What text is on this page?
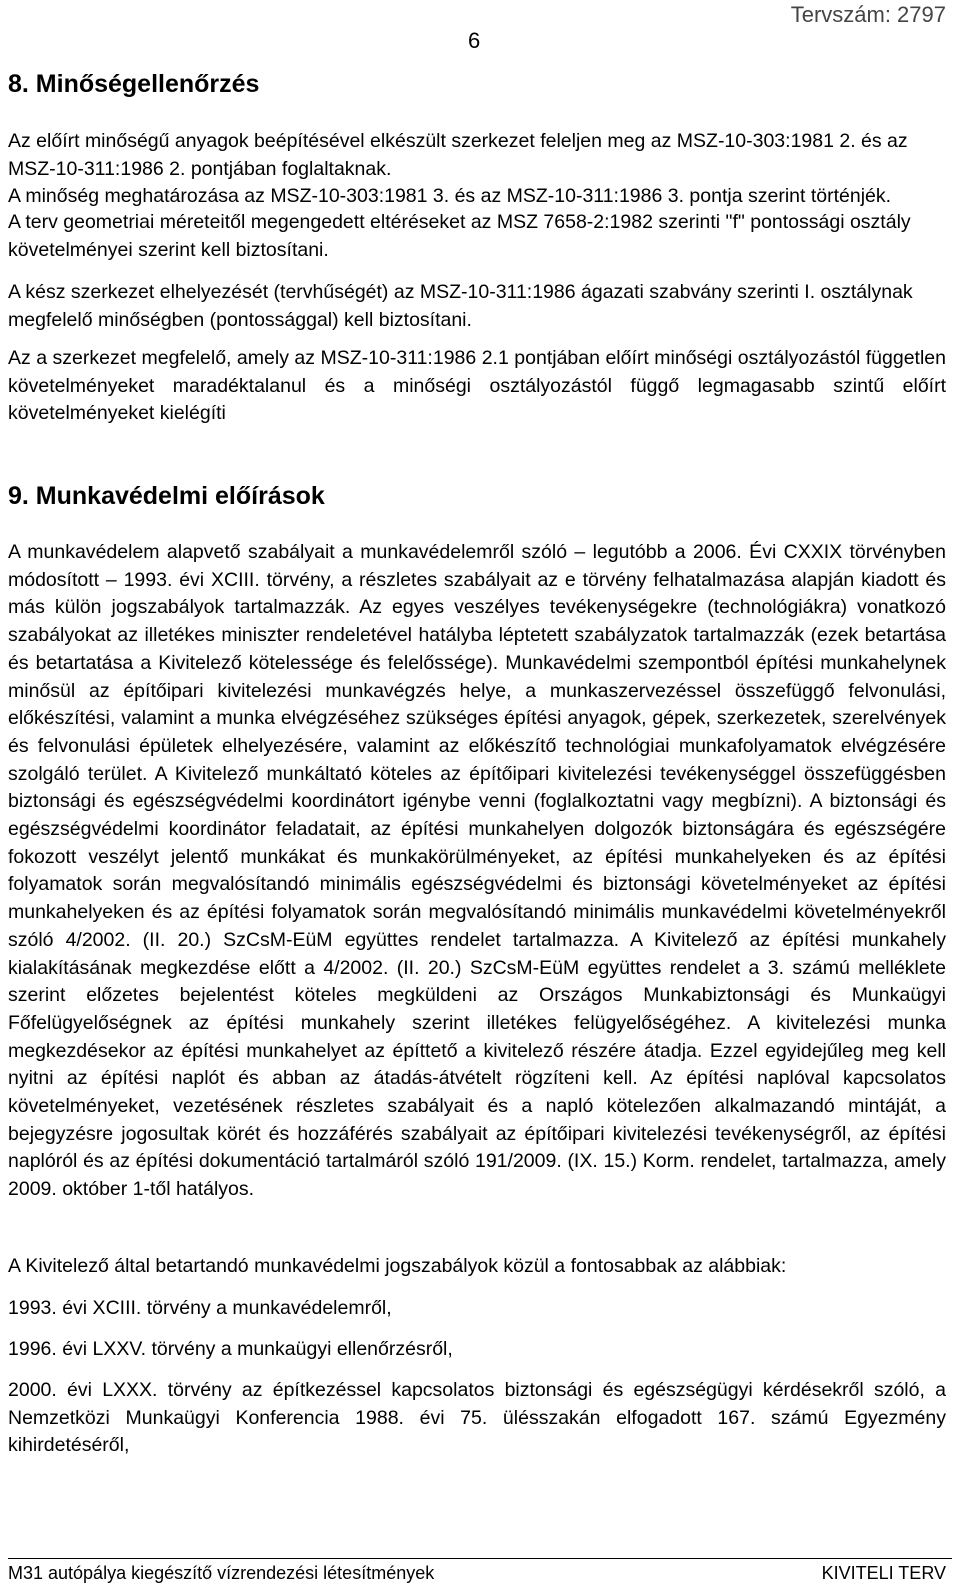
Tervszám: 2797
6
8. Minőségellenőrzés

Az előírt minőségű anyagok beépítésével elkészült szerkezet feleljen meg az MSZ-10-303:1981 2. és az MSZ-10-311:1986 2. pontjában foglaltaknak.

A minőség meghatározása az MSZ-10-303:1981 3. és az MSZ-10-311:1986 3. pontja szerint történjék.

A terv geometriai méreteitől megengedett eltéréseket az MSZ 7658-2:1982 szerinti "f" pontossági osztály követelményei szerint kell biztosítani.

A kész szerkezet elhelyezését (tervhűségét) az MSZ-10-311:1986 ágazati szabvány szerinti I. osztálynak megfelelő minőségben (pontossággal) kell biztosítani.

Az a szerkezet megfelelő, amely az MSZ-10-311:1986 2.1 pontjában előírt minőségi osztályozástól független követelményeket maradéktalanul és a minőségi osztályozástól függő legmagasabb szintű előírt követelményeket kielégíti

9. Munkavédelmi előírások

A munkavédelem alapvető szabályait a munkavédelemről szóló – legutóbb a 2006. Évi CXXIX törvényben módosított – 1993. évi XCIII. törvény, a részletes szabályait az e törvény felhatalmazása alapján kiadott és más külön jogszabályok tartalmazzák. Az egyes veszélyes tevékenységekre (technológiákra) vonatkozó szabályokat az illetékes miniszter rendeletével hatályba léptetett szabályzatok tartalmazzák (ezek betartása és betartatása a Kivitelező kötelessége és felelőssége). Munkavédelmi szempontból építési munkahelynek minősül az építőipari kivitelezési munkavégzés helye, a munkaszervezéssel összefüggő felvonulási, előkészítési, valamint a munka elvégzéséhez szükséges építési anyagok, gépek, szerkezetek, szerelvények és felvonulási épületek elhelyezésére, valamint az előkészítő technológiai munkafolyamatok elvégzésére szolgáló terület. A Kivitelező munkáltató köteles az építőipari kivitelezési tevékenységgel összefüggésben biztonsági és egészségvédelmi koordinátort igénybe venni (foglalkoztatni vagy megbízni). A biztonsági és egészségvédelmi koordinátor feladatait, az építési munkahelyen dolgozók biztonságára és egészségére fokozott veszélyt jelentő munkákat és munkakörülményeket, az építési munkahelyeken és az építési folyamatok során megvalósítandó minimális egészségvédelmi és biztonsági követelményeket az építési munkahelyeken és az építési folyamatok során megvalósítandó minimális munkavédelmi követelményekről szóló 4/2002. (II. 20.) SzCsM-EüM együttes rendelet tartalmazza. A Kivitelező az építési munkahely kialakításának megkezdése előtt a 4/2002. (II. 20.) SzCsM-EüM együttes rendelet a 3. számú melléklete szerint előzetes bejelentést köteles megküldeni az Országos Munkabiztonsági és Munkaügyi Főfelügyelőségnek az építési munkahely szerint illetékes felügyelőségéhez. A kivitelezési munka megkezdésekor az építési munkahelyet az építtető a kivitelező részére átadja. Ezzel egyidejűleg meg kell nyitni az építési naplót és abban az átadás-átvételt rögzíteni kell. Az építési naplóval kapcsolatos követelményeket, vezetésének részletes szabályait és a napló kötelezően alkalmazandó mintáját, a bejegyzésre jogosultak körét és hozzáférés szabályait az építőipari kivitelezési tevékenységről, az építési naplóról és az építési dokumentáció tartalmáról szóló 191/2009. (IX. 15.) Korm. rendelet, tartalmazza, amely 2009. október 1-től hatályos.

A Kivitelező által betartandó munkavédelmi jogszabályok közül a fontosabbak az alábbiak:

1993. évi XCIII. törvény a munkavédelemről,

1996. évi LXXV. törvény a munkaügyi ellenőrzésről,

2000. évi LXXX. törvény az építkezéssel kapcsolatos biztonsági és egészségügyi kérdésekről szóló, a Nemzetközi Munkaügyi Konferencia 1988. évi 75. ülésszakán elfogadott 167. számú Egyezmény kihirdetéséről,

M31 autópálya kiegészítő vízrendezési létesítmények	KIVITELI TERV
